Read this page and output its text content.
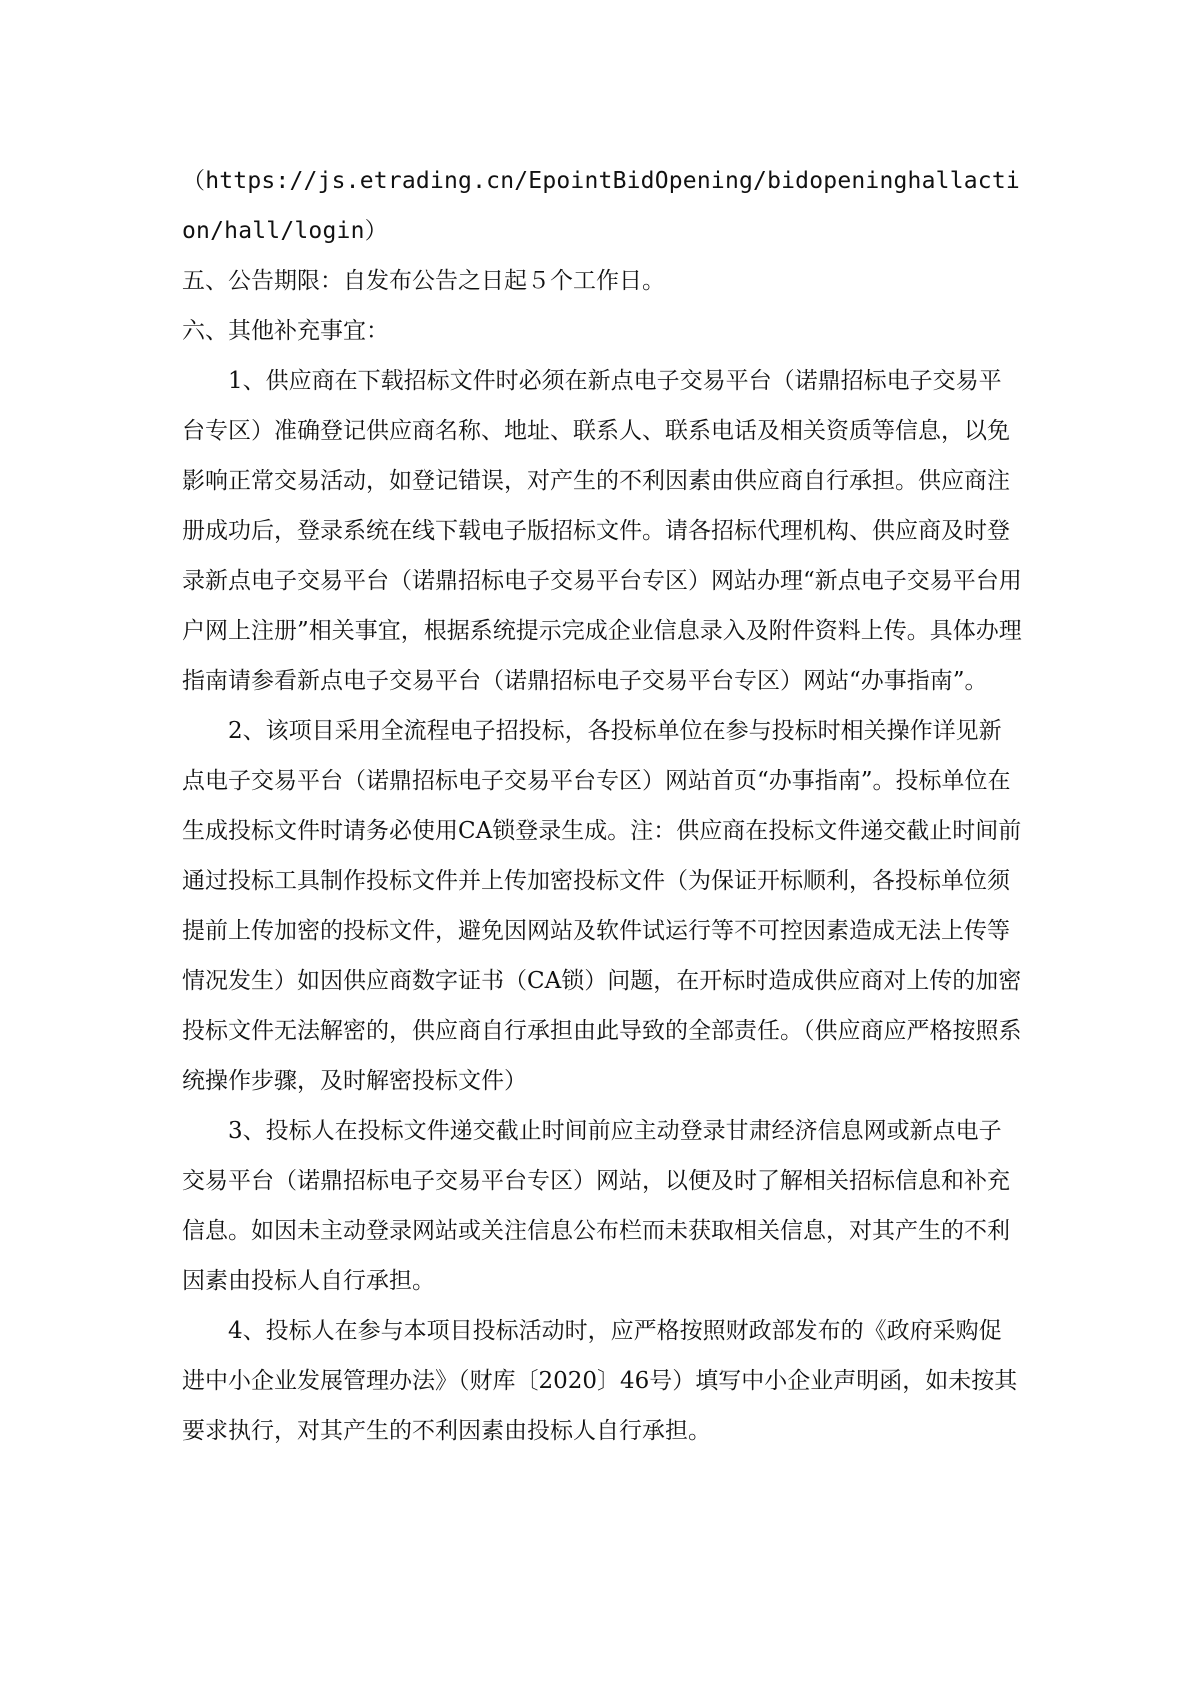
（https://js.etrading.cn/EpointBidOpening/bidopeninghallaction/hall/login）

五、公告期限：自发布公告之日起５个工作日。

六、其他补充事宜：

1、供应商在下载招标文件时必须在新点电子交易平台（诺鼎招标电子交易平台专区）准确登记供应商名称、地址、联系人、联系电话及相关资质等信息，以免影响正常交易活动，如登记错误，对产生的不利因素由供应商自行承担。供应商注册成功后，登录系统在线下载电子版招标文件。请各招标代理机构、供应商及时登录新点电子交易平台（诺鼎招标电子交易平台专区）网站办理“新点电子交易平台用户网上注册”相关事宜，根据系统提示完成企业信息录入及附件资料上传。具体办理指南请参看新点电子交易平台（诺鼎招标电子交易平台专区）网站“办事指南”。

2、该项目采用全流程电子招投标，各投标单位在参与投标时相关操作详见新点电子交易平台（诺鼎招标电子交易平台专区）网站首页“办事指南”。投标单位在生成投标文件时请务必使用CA锁登录生成。注：供应商在投标文件递交截止时间前通过投标工具制作投标文件并上传加密投标文件（为保证开标顺利，各投标单位须提前上传加密的投标文件，避免因网站及软件试运行等不可控因素造成无法上传等情况发生）如因供应商数字证书（CA锁）问题，在开标时造成供应商对上传的加密投标文件无法解密的，供应商自行承担由此导致的全部责任。（供应商应严格按照系统操作步骤，及时解密投标文件）

3、投标人在投标文件递交截止时间前应主动登录甘肃经济信息网或新点电子交易平台（诺鼎招标电子交易平台专区）网站，以便及时了解相关招标信息和补充信息。如因未主动登录网站或关注信息公布栏而未获取相关信息，对其产生的不利因素由投标人自行承担。

4、投标人在参与本项目投标活动时，应严格按照财政部发布的《政府采购促进中小企业发展管理办法》（财库〔2020〕46号）填写中小企业声明函，如未按其要求执行，对其产生的不利因素由投标人自行承担。
